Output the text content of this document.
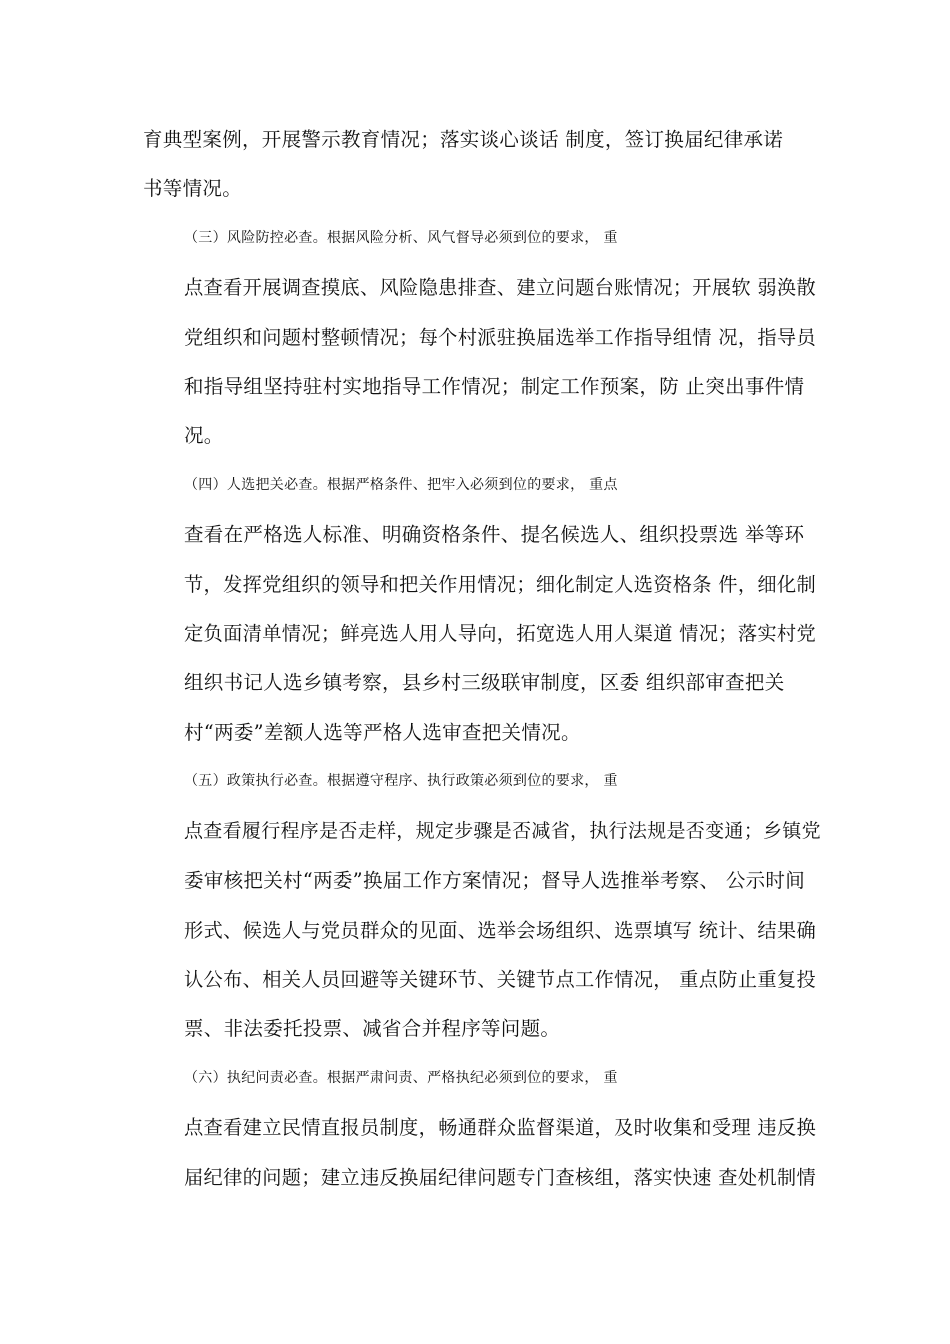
育典型案例，开展警示教育情况；落实谈心谈话 制度，签订换届纪律承诺
书等情况。

（三）风险防控必查。根据风险分析、风气督导必须到位的要求， 重
点查看开展调查摸底、风险隐患排查、建立问题台账情况；开展软 弱涣散
党组织和问题村整顿情况；每个村派驻换届选举工作指导组情 况，指导员
和指导组坚持驻村实地指导工作情况；制定工作预案，防 止突出事件情
况。

（四）人选把关必查。根据严格条件、把牢入必须到位的要求， 重点
查看在严格选人标准、明确资格条件、提名候选人、组织投票选 举等环
节，发挥党组织的领导和把关作用情况；细化制定人选资格条 件，细化制
定负面清单情况；鲜亮选人用人导向，拓宽选人用人渠道 情况；落实村党
组织书记人选乡镇考察，县乡村三级联审制度，区委 组织部审查把关
村“两委”差额人选等严格人选审查把关情况。

（五）政策执行必查。根据遵守程序、执行政策必须到位的要求， 重
点查看履行程序是否走样，规定步骤是否减省，执行法规是否变通；乡镇党
委审核把关村“两委”换届工作方案情况；督导人选推举考察、 公示时间
形式、候选人与党员群众的见面、选举会场组织、选票填写 统计、结果确
认公布、相关人员回避等关键环节、关键节点工作情况， 重点防止重复投
票、非法委托投票、减省合并程序等问题。

（六）执纪问责必查。根据严肃问责、严格执纪必须到位的要求， 重
点查看建立民情直报员制度，畅通群众监督渠道，及时收集和受理 违反换
届纪律的问题；建立违反换届纪律问题专门查核组，落实快速 查处机制情
